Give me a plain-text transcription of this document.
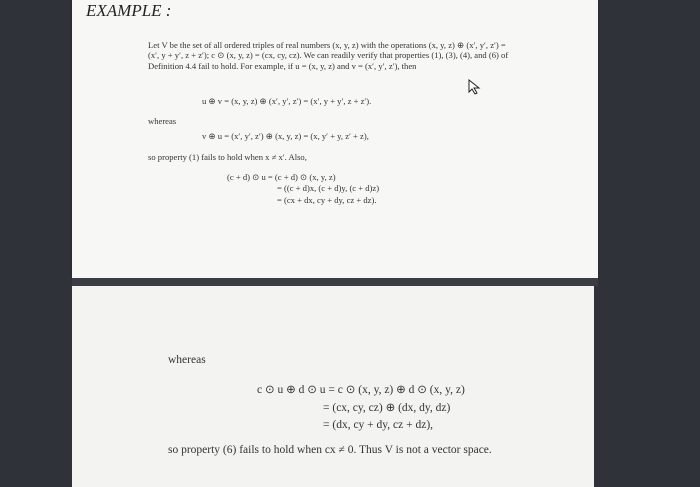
EXAMPLE :

Let V be the set of all ordered triples of real numbers (x, y, z) with the operations (x, y, z) ⊕ (x′, y′, z′) = (x′, y + y′, z + z′); c ⊙ (x, y, z) = (cx, cy, cz). We can readily verify that properties (1), (3), (4), and (6) of Definition 4.4 fail to hold. For example, if u = (x, y, z) and v = (x′, y′, z′), then

u ⊕ v = (x, y, z) ⊕ (x′, y′, z′) = (x′, y + y′, z + z′).

whereas

v ⊕ u = (x′, y′, z′) ⊕ (x, y, z) = (x, y′ + y, z′ + z),

so property (1) fails to hold when x ≠ x′. Also,

(c + d) ⊙ u = (c + d) ⊙ (x, y, z)
= ((c + d)x, (c + d)y, (c + d)z)
= (cx + dx, cy + dy, cz + dz).

whereas

c ⊙ u ⊕ d ⊙ u = c ⊙ (x, y, z) ⊕ d ⊙ (x, y, z)
= (cx, cy, cz) ⊕ (dx, dy, dz)
= (dx, cy + dy, cz + dz),

so property (6) fails to hold when cx ≠ 0. Thus V is not a vector space.
